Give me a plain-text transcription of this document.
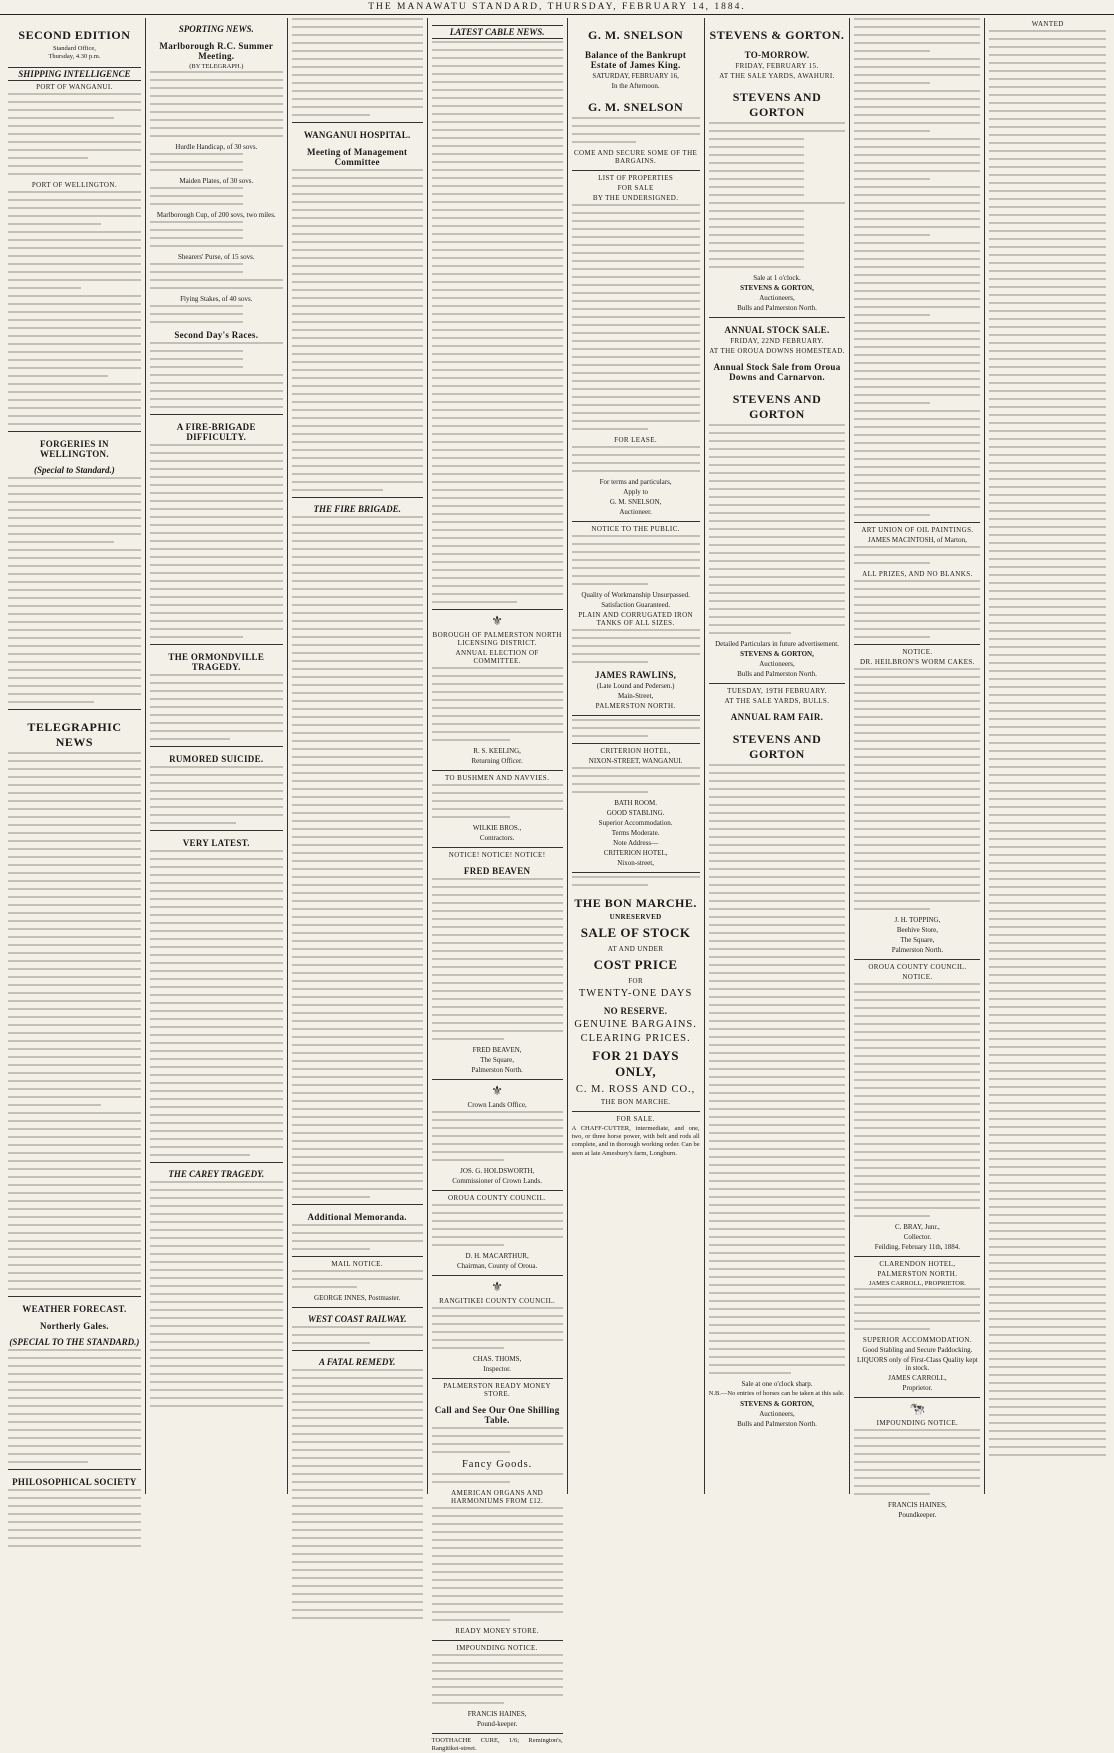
THE MANAWATU STANDARD, THURSDAY, FEBRUARY 14, 1884.
SECOND EDITION
Standard Office,
Thursday, 4.30 p.m.
SHIPPING INTELLIGENCE
PORT OF WANGANUI.
PORT OF WELLINGTON.
FORGERIES IN WELLINGTON.
(Special to Standard.)
TELEGRAPHIC NEWS
WEATHER FORECAST.
Northerly Gales.
(SPECIAL TO THE STANDARD.)
PHILOSOPHICAL SOCIETY
SPORTING NEWS.
Marlborough R.C. Summer Meeting.
(BY TELEGRAPH.)
Hurdle Handicap, of 30 sovs.
Maiden Plates, of 30 sovs.
Marlborough Cup, of 200 sovs, two miles.
Shearers' Purse, of 15 sovs.
Flying Stakes, of 40 sovs.
Second Day's Races.
A FIRE-BRIGADE DIFFICULTY.
THE ORMONDVILLE TRAGEDY.
RUMORED SUICIDE.
VERY LATEST.
THE CAREY TRAGEDY.
WANGANUI HOSPITAL.
Meeting of Management Committee
THE FIRE BRIGADE.
Additional Memoranda.
MAIL NOTICE.
GEORGE INNES, Postmaster.
WEST COAST RAILWAY.
A FATAL REMEDY.
LATEST CABLE NEWS.
⚜
BOROUGH OF PALMERSTON NORTH LICENSING DISTRICT.
ANNUAL ELECTION OF COMMITTEE.
R. S. KEELING,
Returning Officer.
TO BUSHMEN AND NAVVIES.
WILKIE BROS.,
Contractors.
NOTICE! NOTICE! NOTICE!
FRED BEAVEN
FRED BEAVEN,
The Square,
Palmerston North.
⚜
Crown Lands Office,
JOS. G. HOLDSWORTH,
Commissioner of Crown Lands.
OROUA COUNTY COUNCIL.
D. H. MACARTHUR,
Chairman, County of Oroua.
⚜
RANGITIKEI COUNTY COUNCIL.
CHAS. THOMS,
Inspector.
PALMERSTON READY MONEY STORE.
Call and See Our One Shilling Table.
Fancy Goods.
AMERICAN ORGANS AND HARMONIUMS FROM £12.
READY MONEY STORE.
IMPOUNDING NOTICE.
FRANCIS HAINES,
Pound-keeper.
TOOTHACHE CURE, 1/6; Remington's, Rangitikei-street.
G. M. SNELSON
Balance of the Bankrupt Estate of James King.
SATURDAY, FEBRUARY 16,
In the Afternoon.
G. M. SNELSON
COME AND SECURE SOME OF THE BARGAINS.
LIST OF PROPERTIES
FOR SALE
BY THE UNDERSIGNED.
FOR LEASE.
For terms and particulars,
Apply to
G. M. SNELSON,
Auctioneer.
NOTICE TO THE PUBLIC.
Quality of Workmanship Unsurpassed.
Satisfaction Guaranteed.
PLAIN AND CORRUGATED IRON TANKS OF ALL SIZES.
JAMES RAWLINS,
(Late Lound and Pedersen.)
Main-Street,
PALMERSTON NORTH.
CRITERION HOTEL,
NIXON-STREET, WANGANUI.
BATH ROOM.
GOOD STABLING.
Superior Accommodation.
Terms Moderate.
Note Address—
CRITERION HOTEL,
Nixon-street,
THE BON MARCHE.
UNRESERVED
SALE OF STOCK
AT AND UNDER
COST PRICE
FOR
TWENTY-ONE DAYS
NO RESERVE.
GENUINE BARGAINS.
CLEARING PRICES.
FOR 21 DAYS ONLY,
C. M. ROSS AND CO.,
THE BON MARCHE.
FOR SALE.
A CHAFF-CUTTER, intermediate, and one, two, or three horse power, with belt and rods all complete, and in thorough working order. Can be seen at late Amesbury's farm, Longburn.
STEVENS & GORTON.
TO-MORROW.
FRIDAY, FEBRUARY 15.
AT THE SALE YARDS, AWAHURI.
STEVENS AND GORTON
Sale at 1 o'clock.
STEVENS & GORTON,
Auctioneers,
Bulls and Palmerston North.
ANNUAL STOCK SALE.
FRIDAY, 22ND FEBRUARY.
AT THE OROUA DOWNS HOMESTEAD.
Annual Stock Sale from Oroua Downs and Carnarvon.
STEVENS AND GORTON
Detailed Particulars in future advertisement.
STEVENS & GORTON,
Auctioneers,
Bulls and Palmerston North.
TUESDAY, 19TH FEBRUARY.
AT THE SALE YARDS, BULLS.
ANNUAL RAM FAIR.
STEVENS AND GORTON
Sale at one o'clock sharp.
N.B.—No entries of horses can be taken at this sale.
STEVENS & GORTON,
Auctioneers,
Bulls and Palmerston North.
ART UNION OF OIL PAINTINGS.
JAMES MACINTOSH, of Marton,
ALL PRIZES, AND NO BLANKS.
NOTICE.
DR. HEILBRON'S WORM CAKES.
J. H. TOPPING,
Beehive Store,
The Square,
Palmerston North.
OROUA COUNTY COUNCIL.
NOTICE.
C. BRAY, Junr.,
Collector.
Feilding, February 11th, 1884.
CLARENDON HOTEL,
PALMERSTON NORTH.
JAMES CARROLL, PROPRIETOR.
SUPERIOR ACCOMMODATION.
Good Stabling and Secure Paddocking.
LIQUORS only of First-Class Quality kept in stock.
JAMES CARROLL,
Proprietor.
🐄
IMPOUNDING NOTICE.
FRANCIS HAINES,
Poundkeeper.
WANTED
